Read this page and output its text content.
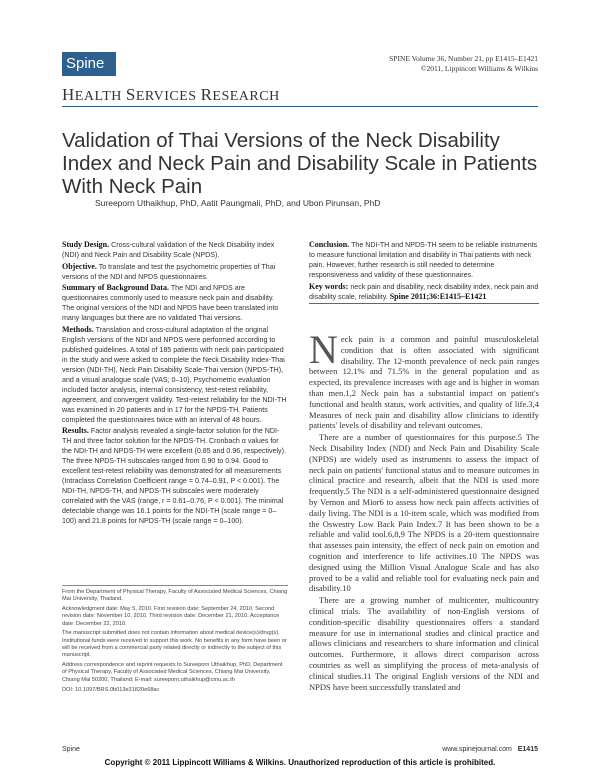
Spine	SPINE Volume 36, Number 21, pp E1415–E1421
©2011, Lippincott Williams & Wilkins
HEALTH SERVICES RESEARCH
Validation of Thai Versions of the Neck Disability Index and Neck Pain and Disability Scale in Patients With Neck Pain
Sureeporn Uthaikhup, PhD, Aatit Paungmali, PhD, and Ubon Pirunsan, PhD

Study Design. Cross-cultural validation of the Neck Disability Index (NDI) and Neck Pain and Disability Scale (NPDS).

Objective. To translate and test the psychometric properties of Thai versions of the NDI and NPDS questionnaires.

Summary of Background Data. The NDI and NPDS are questionnaires commonly used to measure neck pain and disability. The original versions of the NDI and NPDS have been translated into many languages but there are no validated Thai versions.

Methods. Translation and cross-cultural adaptation of the original English versions of the NDI and NPDS were performed according to published guidelines. A total of 185 patients with neck pain participated in the study and were asked to complete the Neck Disability Index-Thai version (NDI-TH), Neck Pain Disability Scale-Thai version (NPDS-TH), and a visual analogue scale (VAS; 0–10). Psychometric evaluation included factor analysis, internal consistency, test-retest reliability, agreement, and convergent validity. Test-retest reliability for the NDI-TH was examined in 20 patients and in 17 for the NPDS-TH. Patients completed the questionnaires twice with an interval of 48 hours.

Results. Factor analysis revealed a single-factor solution for the NDI-TH and three factor solution for the NPDS-TH. Cronbach α values for the NDI-TH and NPDS-TH were excellent (0.85 and 0.96, respectively). The three NPDS-TH subscales ranged from 0.90 to 0.94. Good to excellent test-retest reliability was demonstrated for all measurements (Intraclass Correlation Coefficient range = 0.74–0.91, P < 0.001). The NDI-TH, NPDS-TH, and NPDS-TH subscales were moderately correlated with the VAS (range, r = 0.61–0.76, P < 0.001). The minimal detectable change was 16.1 points for the NDI-TH (scale range = 0–100) and 21.8 points for NPDS-TH (scale range = 0–100).

Conclusion. The NDI-TH and NPDS-TH seem to be reliable instruments to measure functional limitation and disability in Thai patients with neck pain. However, further research is still needed to determine responsiveness and validity of these questionnaires.

Key words: neck pain and disability, neck disability index, neck pain and disability scale, reliability. Spine 2011;36:E1415–E1421

From the Department of Physical Therapy, Faculty of Associated Medical Sciences, Chiang Mai University, Thailand.

Acknowledgment date: May 5, 2010. First revision date: September 24, 2010. Second revision date: November 10, 2010. Third revision date: December 21, 2010. Acceptance date: December 22, 2010.

The manuscript submitted does not contain information about medical device(s)/drug(s). Institutional funds were received to support this work. No benefits in any form have been or will be received from a commercial party related directly or indirectly to the subject of this manuscript.

Address correspondence and reprint requests to Sureeporn Uthaikhup, PhD, Department of Physical Therapy, Faculty of Associated Medical Sciences, Chiang Mai University, Chiang Mai 50200, Thailand; E-mail: sureeporn.uthaikhup@cmu.ac.th

DOI: 10.1097/BRS.0b013e31820e68ac

Neck pain is a common and painful musculoskeletal condition that is often associated with significant disability. The 12-month prevalence of neck pain ranges between 12.1% and 71.5% in the general population and as expected, its prevalence increases with age and is higher in woman than men.1,2 Neck pain has a substantial impact on patient's functional and health status, work activities, and quality of life.3,4 Measures of neck pain and disability allow clinicians to identify patients' levels of disability and relevant outcomes.

There are a number of questionnaires for this purpose.5 The Neck Disability Index (NDI) and Neck Pain and Disability Scale (NPDS) are widely used as instruments to assess the impact of neck pain on patients' functional status and to measure outcomes in clinical practice and research, albeit that the NDI is used more frequently.5 The NDI is a self-administered questionnaire designed by Vernon and Mior6 to assess how neck pain affects activities of daily living. The NDI is a 10-item scale, which was modified from the Oswestry Low Back Pain Index.7 It has been shown to be a reliable and valid tool.6,8,9 The NPDS is a 20-item questionnaire that assesses pain intensity, the effect of neck pain on emotion and cognition and interference to life activities.10 The NPDS was designed using the Million Visual Analogue Scale and has also proved to be a valid and reliable tool for evaluating neck pain and disability.10

There are a growing number of multicenter, multicountry clinical trials. The availability of non-English versions of condition-specific disability questionnaires offers a standard measure for use in international studies and clinical practice and allows clinicians and researchers to share information and clinical outcomes. Furthermore, it allows direct comparison across countries as well as simplifying the process of meta-analysis of clinical studies.11 The original English versions of the NDI and NPDS have been successfully translated and

Spine	www.spinejournal.com E1415
Copyright © 2011 Lippincott Williams & Wilkins. Unauthorized reproduction of this article is prohibited.
